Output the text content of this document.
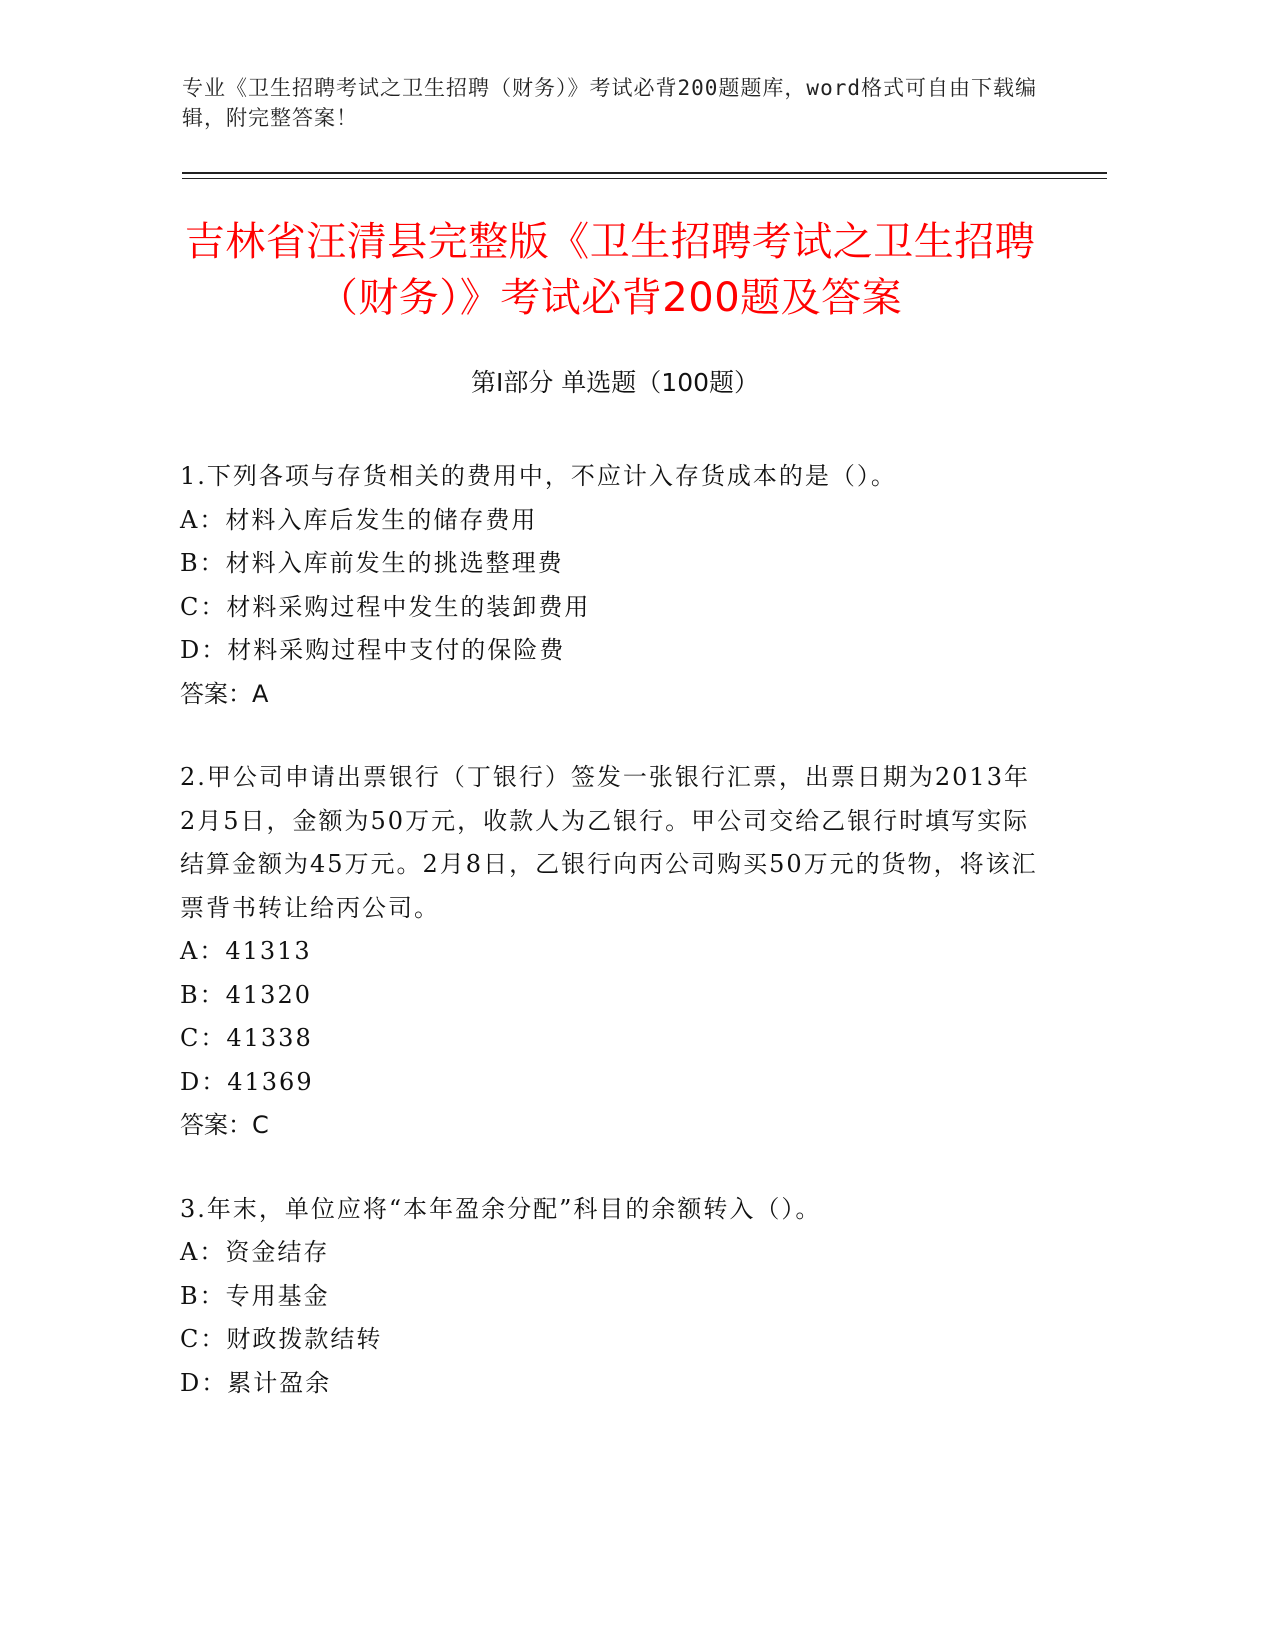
专业《卫生招聘考试之卫生招聘（财务）》考试必背200题题库，word格式可自由下载编辑，附完整答案！
吉林省汪清县完整版《卫生招聘考试之卫生招聘（财务）》考试必背200题及答案
第Ⅰ部分 单选题（100题）
1.下列各项与存货相关的费用中，不应计入存货成本的是（）。
A：材料入库后发生的储存费用
B：材料入库前发生的挑选整理费
C：材料采购过程中发生的装卸费用
D：材料采购过程中支付的保险费
答案：A
2.甲公司申请出票银行（丁银行）签发一张银行汇票，出票日期为2013年2月5日，金额为50万元，收款人为乙银行。甲公司交给乙银行时填写实际结算金额为45万元。2月8日，乙银行向丙公司购买50万元的货物，将该汇票背书转让给丙公司。
A：41313
B：41320
C：41338
D：41369
答案：C
3.年末，单位应将“本年盈余分配”科目的余额转入（）。
A：资金结存
B：专用基金
C：财政拨款结转
D：累计盈余
